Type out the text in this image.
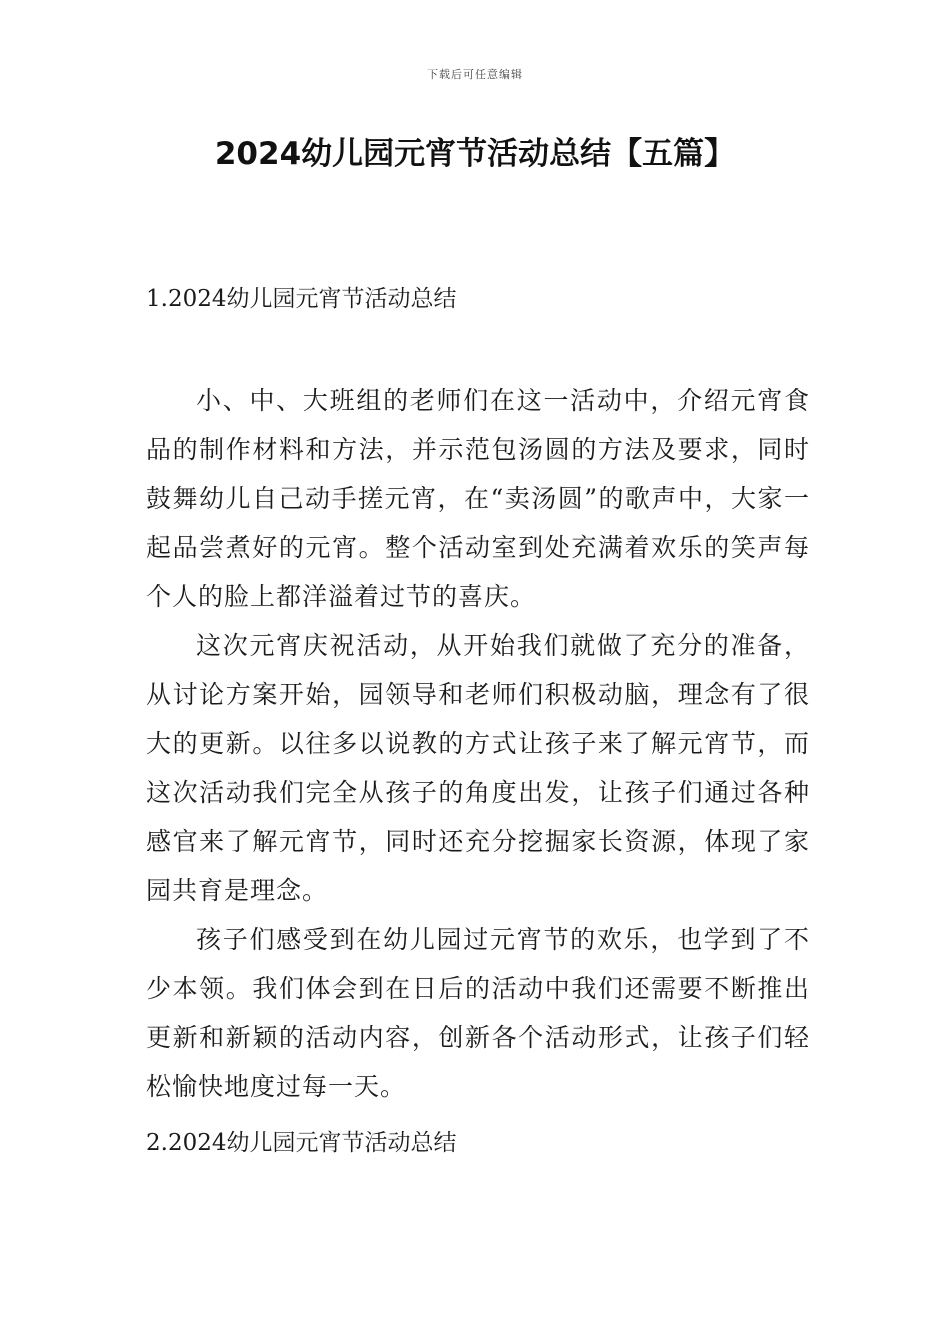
下载后可任意编辑
2024幼儿园元宵节活动总结【五篇】
1.2024幼儿园元宵节活动总结

小、中、大班组的老师们在这一活动中，介绍元宵食品的制作材料和方法，并示范包汤圆的方法及要求，同时鼓舞幼儿自己动手搓元宵，在“卖汤圆”的歌声中，大家一起品尝煮好的元宵。整个活动室到处充满着欢乐的笑声每个人的脸上都洋溢着过节的喜庆。

这次元宵庆祝活动，从开始我们就做了充分的准备，从讨论方案开始，园领导和老师们积极动脑，理念有了很大的更新。以往多以说教的方式让孩子来了解元宵节，而这次活动我们完全从孩子的角度出发，让孩子们通过各种感官来了解元宵节，同时还充分挖掘家长资源，体现了家园共育是理念。

孩子们感受到在幼儿园过元宵节的欢乐，也学到了不少本领。我们体会到在日后的活动中我们还需要不断推出更新和新颖的活动内容，创新各个活动形式，让孩子们轻松愉快地度过每一天。

2.2024幼儿园元宵节活动总结
